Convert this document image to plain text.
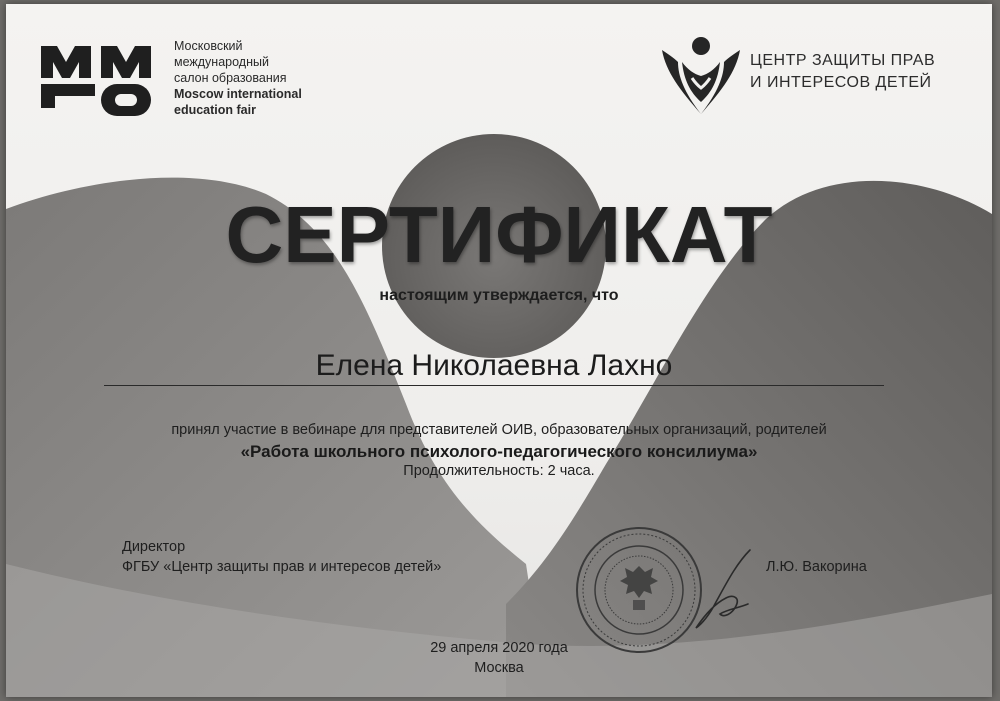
Московский
международный
салон образования
Moscow international
education fair
ЦЕНТР ЗАЩИТЫ ПРАВ
И ИНТЕРЕСОВ ДЕТЕЙ
СЕРТИФИКАТ
настоящим утверждается, что
Елена Николаевна Лахно
принял участие в вебинаре для представителей ОИВ, образовательных организаций, родителей
«Работа школьного психолого-педагогического консилиума»
Продолжительность: 2 часа.
Директор
ФГБУ «Центр защиты прав и интересов детей»	Л.Ю. Вакорина
29 апреля 2020 года
Москва
